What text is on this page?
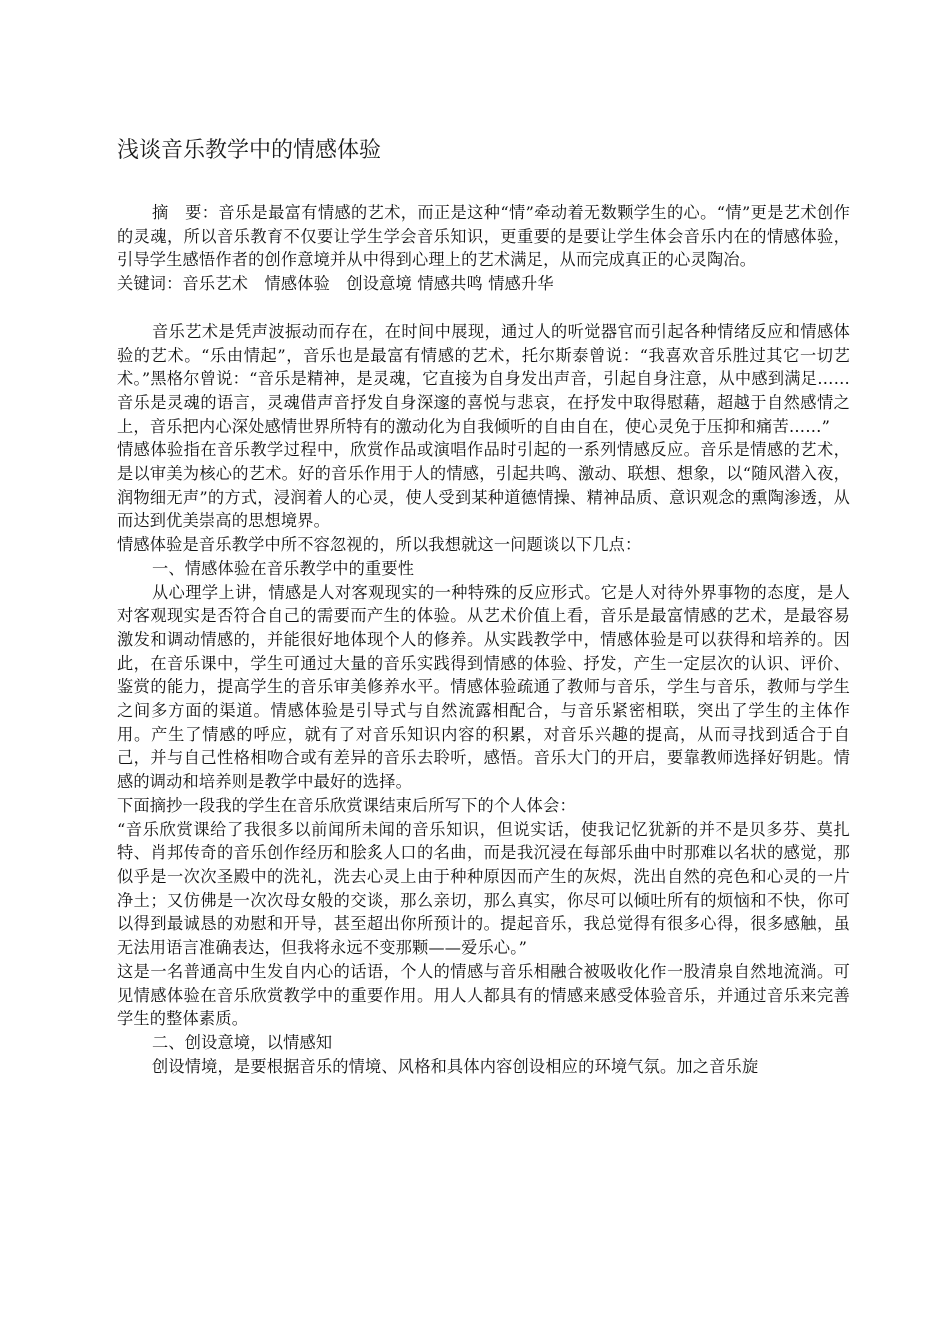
浅谈音乐教学中的情感体验

摘　要：音乐是最富有情感的艺术，而正是这种“情”牵动着无数颗学生的心。“情”更是艺术创作的灵魂，所以音乐教育不仅要让学生学会音乐知识，更重要的是要让学生体会音乐内在的情感体验，引导学生感悟作者的创作意境并从中得到心理上的艺术满足，从而完成真正的心灵陶冶。

关键词：音乐艺术　情感体验　创设意境 情感共鸣 情感升华

音乐艺术是凭声波振动而存在，在时间中展现，通过人的听觉器官而引起各种情绪反应和情感体验的艺术。“乐由情起”，音乐也是最富有情感的艺术，托尔斯泰曾说：“我喜欢音乐胜过其它一切艺术。”黑格尔曾说：“音乐是精神，是灵魂，它直接为自身发出声音，引起自身注意，从中感到满足……音乐是灵魂的语言，灵魂借声音抒发自身深邃的喜悦与悲哀，在抒发中取得慰藉，超越于自然感情之上，音乐把内心深处感情世界所特有的激动化为自我倾听的自由自在，使心灵免于压抑和痛苦……”

情感体验指在音乐教学过程中，欣赏作品或演唱作品时引起的一系列情感反应。音乐是情感的艺术，是以审美为核心的艺术。好的音乐作用于人的情感，引起共鸣、激动、联想、想象，以“随风潜入夜，润物细无声”的方式，浸润着人的心灵，使人受到某种道德情操、精神品质、意识观念的熏陶渗透，从而达到优美崇高的思想境界。

情感体验是音乐教学中所不容忽视的，所以我想就这一问题谈以下几点：

一、情感体验在音乐教学中的重要性

从心理学上讲，情感是人对客观现实的一种特殊的反应形式。它是人对待外界事物的态度，是人对客观现实是否符合自己的需要而产生的体验。从艺术价值上看，音乐是最富情感的艺术，是最容易激发和调动情感的，并能很好地体现个人的修养。从实践教学中，情感体验是可以获得和培养的。因此，在音乐课中，学生可通过大量的音乐实践得到情感的体验、抒发，产生一定层次的认识、评价、鉴赏的能力，提高学生的音乐审美修养水平。情感体验疏通了教师与音乐，学生与音乐，教师与学生之间多方面的渠道。情感体验是引导式与自然流露相配合，与音乐紧密相联，突出了学生的主体作用。产生了情感的呼应，就有了对音乐知识内容的积累，对音乐兴趣的提高，从而寻找到适合于自己，并与自己性格相吻合或有差异的音乐去聆听，感悟。音乐大门的开启，要靠教师选择好钥匙。情感的调动和培养则是教学中最好的选择。

下面摘抄一段我的学生在音乐欣赏课结束后所写下的个人体会：

“音乐欣赏课给了我很多以前闻所未闻的音乐知识，但说实话，使我记忆犹新的并不是贝多芬、莫扎特、肖邦传奇的音乐创作经历和脍炙人口的名曲，而是我沉浸在每部乐曲中时那难以名状的感觉，那似乎是一次次圣殿中的洗礼，洗去心灵上由于种种原因而产生的灰烬，洗出自然的亮色和心灵的一片净土；又仿佛是一次次母女般的交谈，那么亲切，那么真实，你尽可以倾吐所有的烦恼和不快，你可以得到最诚恳的劝慰和开导，甚至超出你所预计的。提起音乐，我总觉得有很多心得，很多感触，虽无法用语言准确表达，但我将永远不变那颗——爱乐心。”

这是一名普通高中生发自内心的话语，个人的情感与音乐相融合被吸收化作一股清泉自然地流淌。可见情感体验在音乐欣赏教学中的重要作用。用人人都具有的情感来感受体验音乐，并通过音乐来完善学生的整体素质。

二、创设意境，以情感知

创设情境，是要根据音乐的情境、风格和具体内容创设相应的环境气氛。加之音乐旋
